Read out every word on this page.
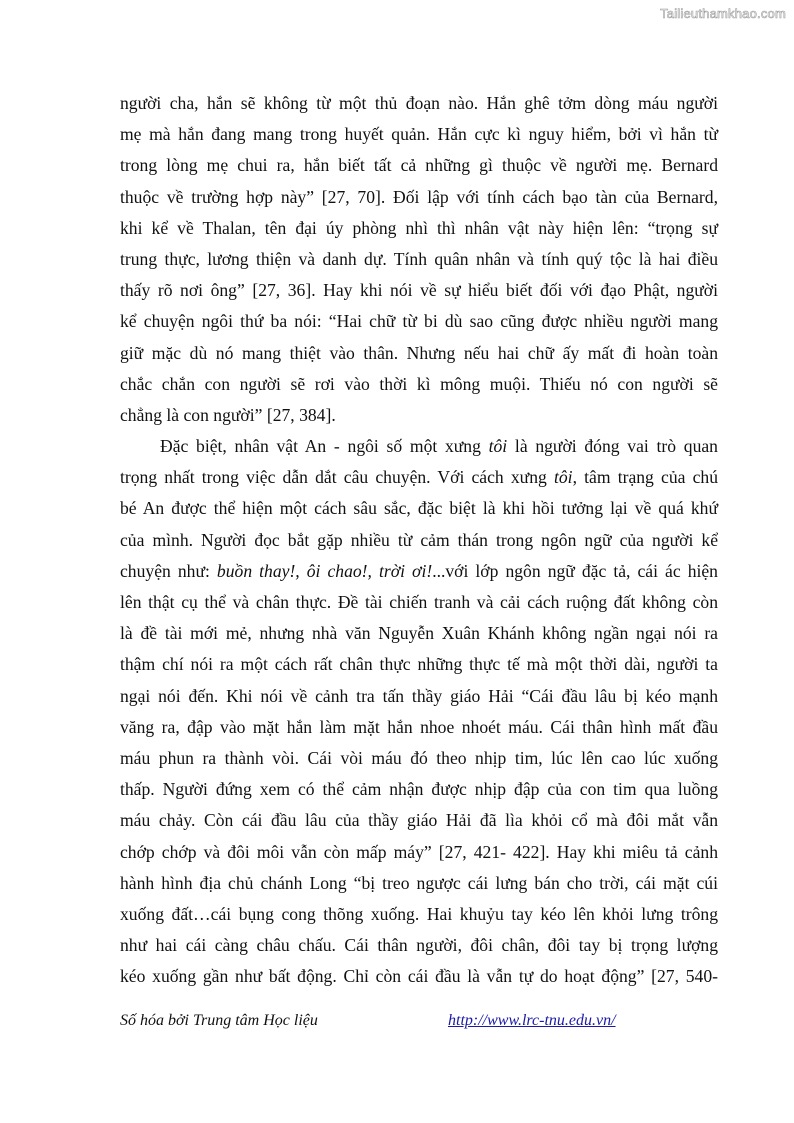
Tailieuthamkhao.com
người cha, hắn sẽ không từ một thủ đoạn nào. Hắn ghê tởm dòng máu người
mẹ mà hắn đang mang trong huyết quản. Hắn cực kì nguy hiểm, bởi vì hắn từ
trong lòng mẹ chui ra, hắn biết tất cả những gì thuộc về người mẹ. Bernard
thuộc về trường hợp này” [27, 70]. Đối lập với tính cách bạo tàn của Bernard,
khi kể về Thalan, tên đại úy phòng nhì thì nhân vật này hiện lên: “trọng sự
trung thực, lương thiện và danh dự. Tính quân nhân và tính quý tộc là hai điều
thấy rõ nơi ông” [27, 36]. Hay khi nói về sự hiểu biết đối với đạo Phật, người
kể chuyện ngôi thứ ba nói: “Hai chữ từ bi dù sao cũng được nhiều người mang
giữ mặc dù nó mang thiệt vào thân. Nhưng nếu hai chữ ấy mất đi hoàn toàn
chắc chắn con người sẽ rơi vào thời kì mông muội. Thiếu nó con người sẽ
chẳng là con người” [27, 384].
Đặc biệt, nhân vật An - ngôi số một xưng tôi là người đóng vai trò quan
trọng nhất trong việc dẫn dắt câu chuyện. Với cách xưng tôi, tâm trạng của chú
bé An được thể hiện một cách sâu sắc, đặc biệt là khi hồi tưởng lại về quá khứ
của mình. Người đọc bắt gặp nhiều từ cảm thán trong ngôn ngữ của người kể
chuyện như: buồn thay!, ôi chao!, trời ơi!...với lớp ngôn ngữ đặc tả, cái ác hiện
lên thật cụ thể và chân thực. Đề tài chiến tranh và cải cách ruộng đất không còn
là đề tài mới mẻ, nhưng nhà văn Nguyễn Xuân Khánh không ngần ngại nói ra
thậm chí nói ra một cách rất chân thực những thực tế mà một thời dài, người ta
ngại nói đến. Khi nói về cảnh tra tấn thầy giáo Hải “Cái đầu lâu bị kéo mạnh
văng ra, đập vào mặt hắn làm mặt hắn nhoe nhoét máu. Cái thân hình mất đầu
máu phun ra thành vòi. Cái vòi máu đó theo nhịp tim, lúc lên cao lúc xuống
thấp. Người đứng xem có thể cảm nhận được nhịp đập của con tim qua luồng
máu chảy. Còn cái đầu lâu của thầy giáo Hải đã lìa khỏi cổ mà đôi mắt vẫn
chớp chớp và đôi môi vẫn còn mấp máy” [27, 421- 422]. Hay khi miêu tả cảnh
hành hình địa chủ chánh Long “bị treo ngược cái lưng bán cho trời, cái mặt cúi
xuống đất…cái bụng cong thõng xuống. Hai khuỷu tay kéo lên khỏi lưng trông
như hai cái càng châu chấu. Cái thân người, đôi chân, đôi tay bị trọng lượng
kéo xuống gần như bất động. Chỉ còn cái đầu là vẫn tự do hoạt động” [27, 540-
Số hóa bởi Trung tâm Học liệu	http://www.lrc-tnu.edu.vn/
